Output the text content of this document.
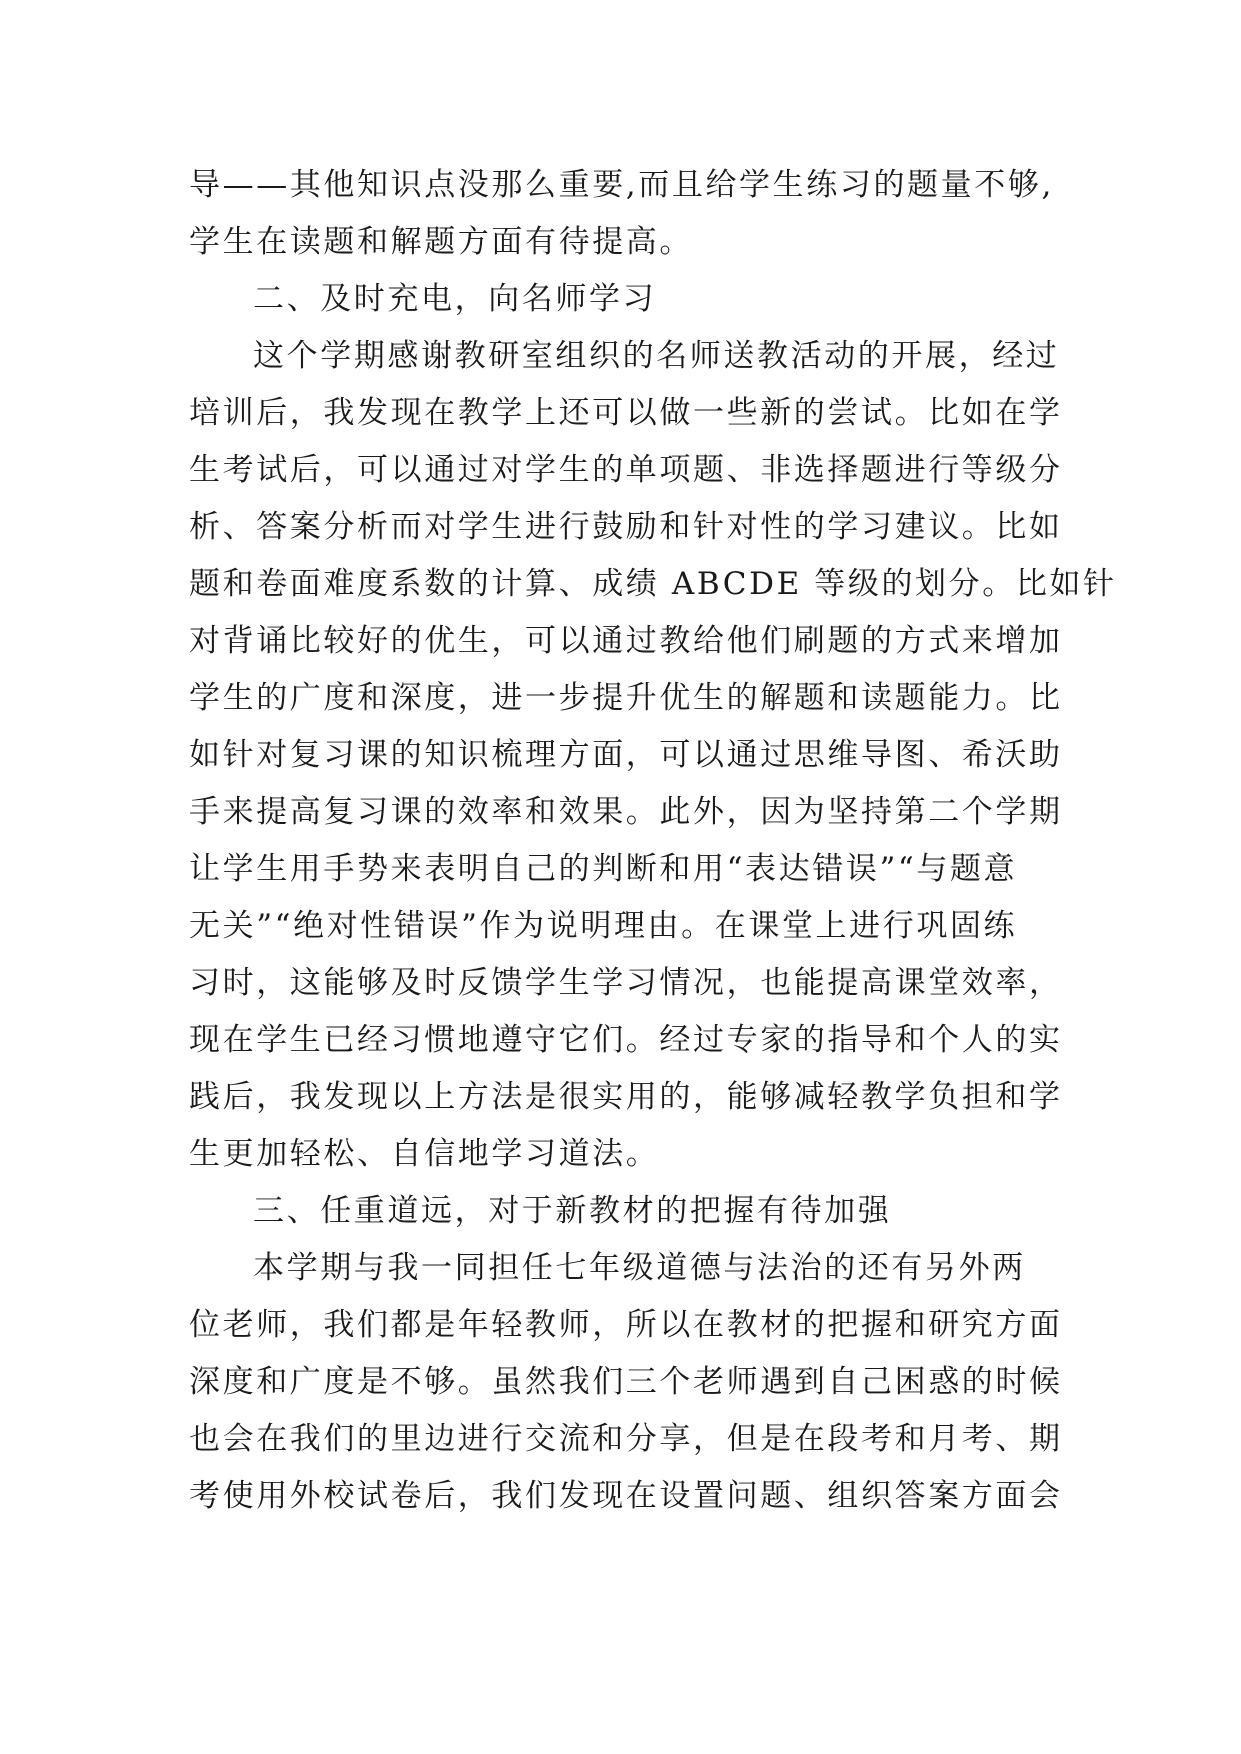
导——其他知识点没那么重要,而且给学生练习的题量不够,

学生在读题和解题方面有待提高。

二、及时充电，向名师学习

这个学期感谢教研室组织的名师送教活动的开展，经过

培训后，我发现在教学上还可以做一些新的尝试。比如在学

生考试后，可以通过对学生的单项题、非选择题进行等级分

析、答案分析而对学生进行鼓励和针对性的学习建议。比如

题和卷面难度系数的计算、成绩 ABCDE 等级的划分。比如针

对背诵比较好的优生，可以通过教给他们刷题的方式来增加

学生的广度和深度，进一步提升优生的解题和读题能力。比

如针对复习课的知识梳理方面，可以通过思维导图、希沃助

手来提高复习课的效率和效果。此外，因为坚持第二个学期

让学生用手势来表明自己的判断和用“表达错误”“与题意

无关”“绝对性错误”作为说明理由。在课堂上进行巩固练

习时，这能够及时反馈学生学习情况，也能提高课堂效率，

现在学生已经习惯地遵守它们。经过专家的指导和个人的实

践后，我发现以上方法是很实用的，能够减轻教学负担和学

生更加轻松、自信地学习道法。

三、任重道远，对于新教材的把握有待加强

本学期与我一同担任七年级道德与法治的还有另外两

位老师，我们都是年轻教师，所以在教材的把握和研究方面

深度和广度是不够。虽然我们三个老师遇到自己困惑的时候

也会在我们的里边进行交流和分享，但是在段考和月考、期

考使用外校试卷后，我们发现在设置问题、组织答案方面会
